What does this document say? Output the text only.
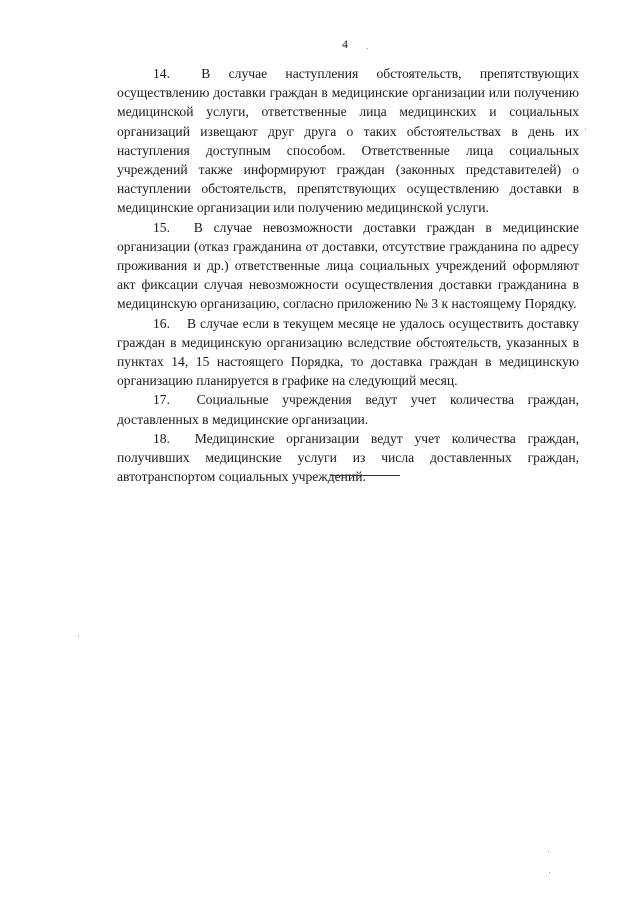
4

14. В случае наступления обстоятельств, препятствующих осуществлению доставки граждан в медицинские организации или получению медицинской услуги, ответственные лица медицинских и социальных организаций извещают друг друга о таких обстоятельствах в день их наступления доступным способом. Ответственные лица социальных учреждений также информируют граждан (законных представителей) о наступлении обстоятельств, препятствующих осуществлению доставки в медицинские организации или получению медицинской услуги.

15. В случае невозможности доставки граждан в медицинские организации (отказ гражданина от доставки, отсутствие гражданина по адресу проживания и др.) ответственные лица социальных учреждений оформляют акт фиксации случая невозможности осуществления доставки гражданина в медицинскую организацию, согласно приложению № 3 к настоящему Порядку.

16. В случае если в текущем месяце не удалось осуществить доставку граждан в медицинскую организацию вследствие обстоятельств, указанных в пунктах 14, 15 настоящего Порядка, то доставка граждан в медицинскую организацию планируется в графике на следующий месяц.

17. Социальные учреждения ведут учет количества граждан, доставленных в медицинские организации.

18. Медицинские организации ведут учет количества граждан, получивших медицинские услуги из числа доставленных граждан, автотранспортом социальных учреждений.
